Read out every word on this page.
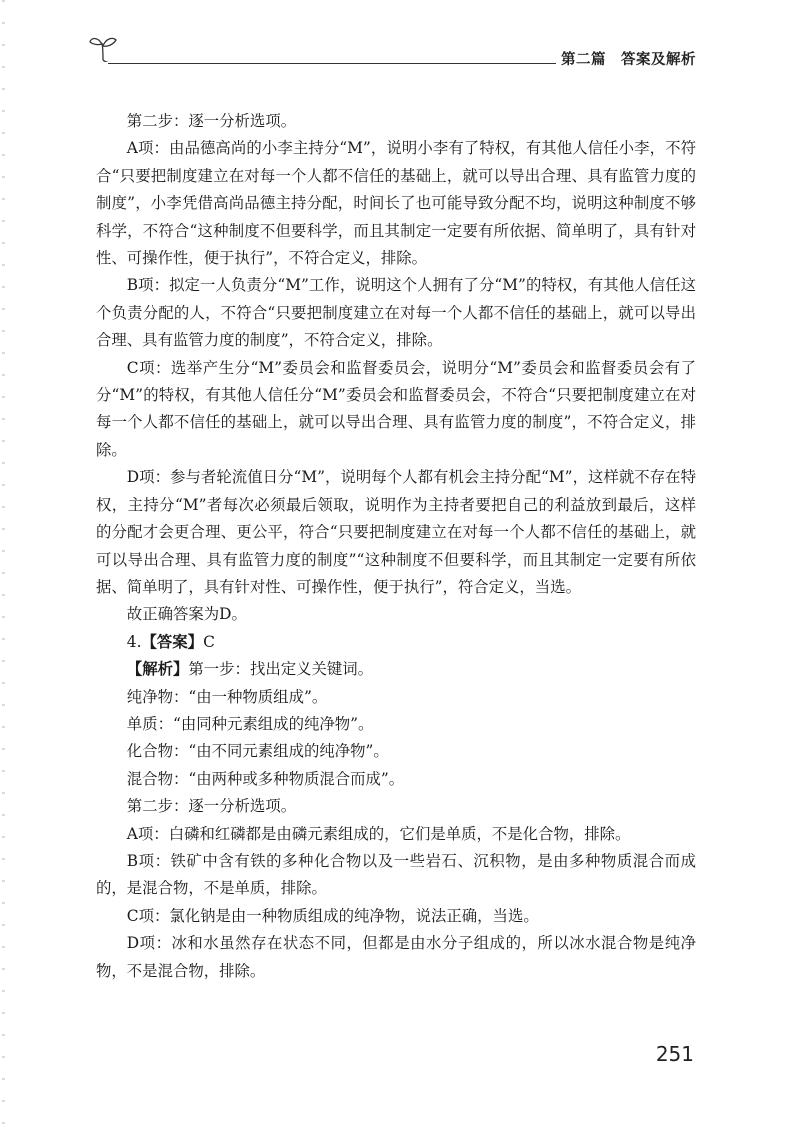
第二篇　答案及解析

第二步：逐一分析选项。

A项：由品德高尚的小李主持分“M”，说明小李有了特权，有其他人信任小李，不符合“只要把制度建立在对每一个人都不信任的基础上，就可以导出合理、具有监管力度的制度”，小李凭借高尚品德主持分配，时间长了也可能导致分配不均，说明这种制度不够科学，不符合“这种制度不但要科学，而且其制定一定要有所依据、简单明了，具有针对性、可操作性，便于执行”，不符合定义，排除。

B项：拟定一人负责分“M”工作，说明这个人拥有了分“M”的特权，有其他人信任这个负责分配的人，不符合“只要把制度建立在对每一个人都不信任的基础上，就可以导出合理、具有监管力度的制度”，不符合定义，排除。

C项：选举产生分“M”委员会和监督委员会，说明分“M”委员会和监督委员会有了分“M”的特权，有其他人信任分“M”委员会和监督委员会，不符合“只要把制度建立在对每一个人都不信任的基础上，就可以导出合理、具有监管力度的制度”，不符合定义，排除。

D项：参与者轮流值日分“M”，说明每个人都有机会主持分配“M”，这样就不存在特权，主持分“M”者每次必须最后领取，说明作为主持者要把自己的利益放到最后，这样的分配才会更合理、更公平，符合“只要把制度建立在对每一个人都不信任的基础上，就可以导出合理、具有监管力度的制度”“这种制度不但要科学，而且其制定一定要有所依据、简单明了，具有针对性、可操作性，便于执行”，符合定义，当选。

故正确答案为D。

4.【答案】C

【解析】第一步：找出定义关键词。

纯净物：“由一种物质组成”。

单质：“由同种元素组成的纯净物”。

化合物：“由不同元素组成的纯净物”。

混合物：“由两种或多种物质混合而成”。

第二步：逐一分析选项。

A项：白磷和红磷都是由磷元素组成的，它们是单质，不是化合物，排除。

B项：铁矿中含有铁的多种化合物以及一些岩石、沉积物，是由多种物质混合而成的，是混合物，不是单质，排除。

C项：氯化钠是由一种物质组成的纯净物，说法正确，当选。

D项：冰和水虽然存在状态不同，但都是由水分子组成的，所以冰水混合物是纯净物，不是混合物，排除。

251
